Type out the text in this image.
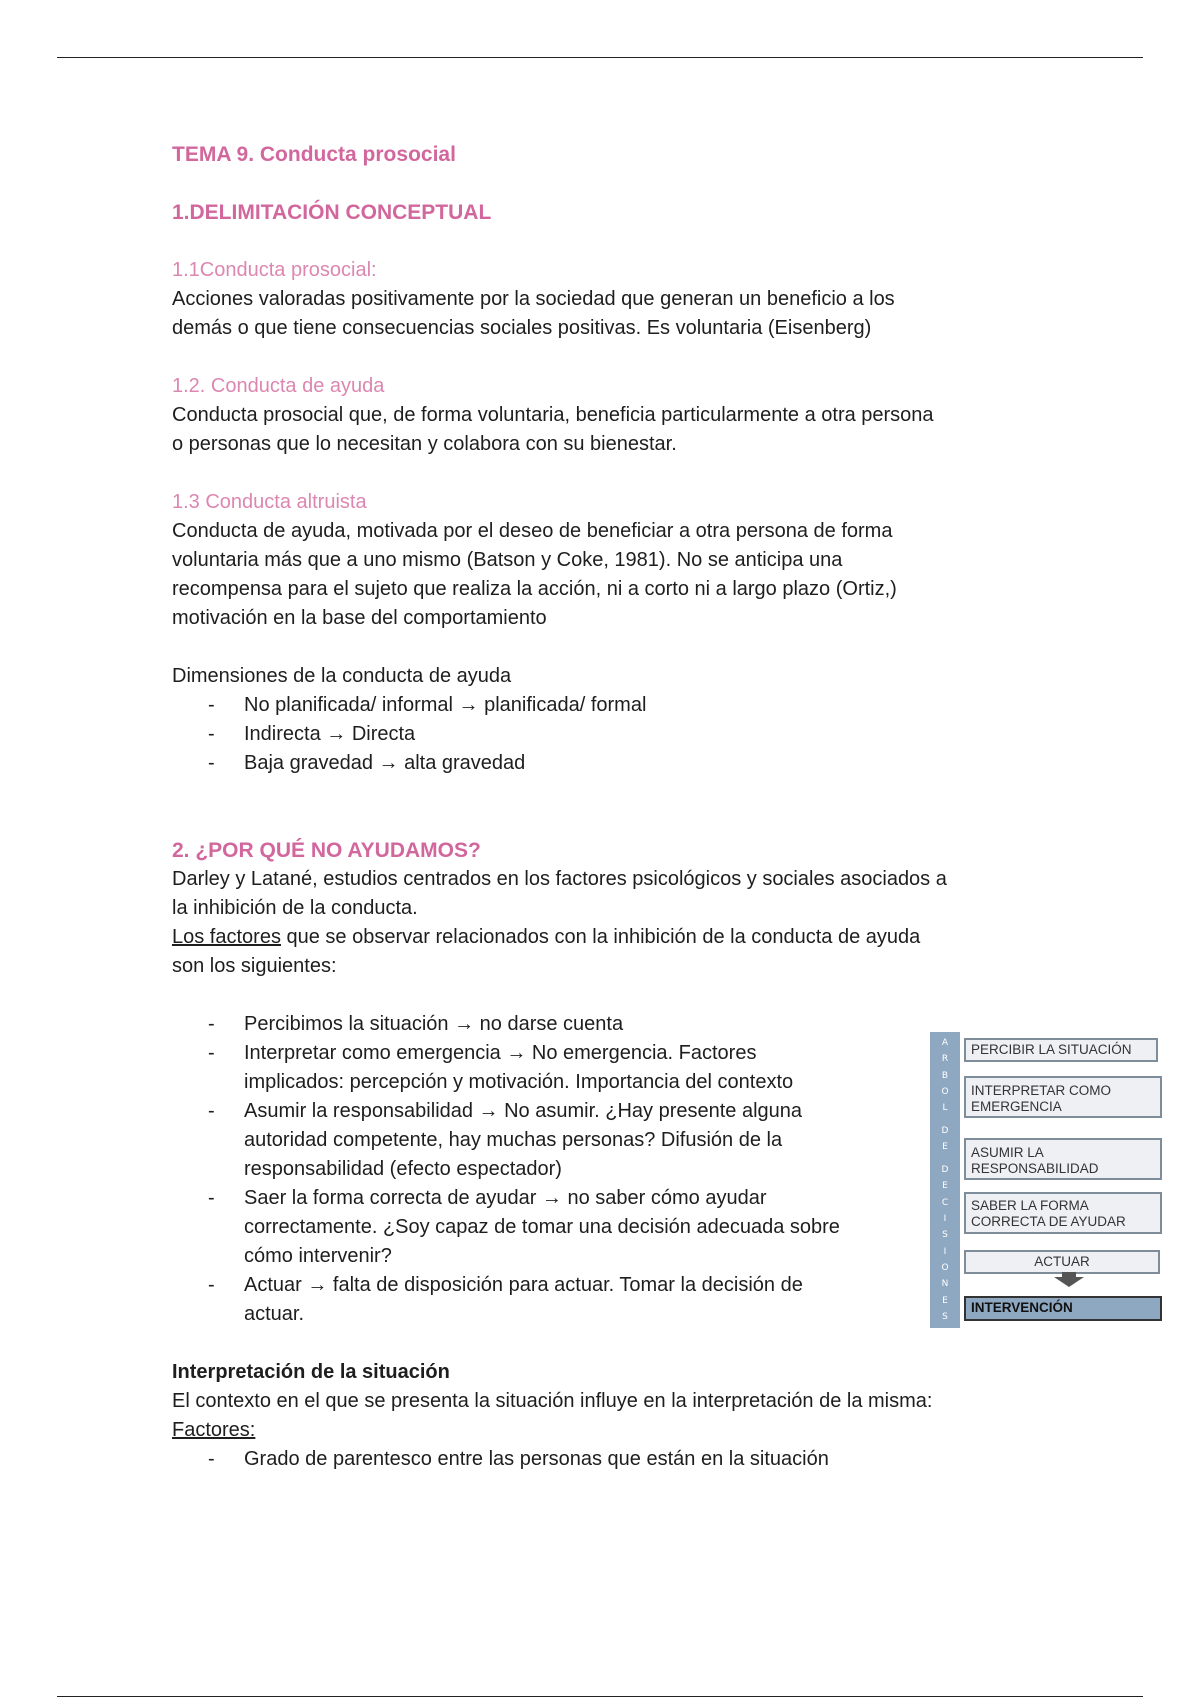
TEMA 9. Conducta prosocial

1.DELIMITACIÓN CONCEPTUAL

1.1Conducta prosocial:

Acciones valoradas positivamente por la sociedad que generan un beneficio a los

demás o que tiene consecuencias sociales positivas. Es voluntaria (Eisenberg)

1.2. Conducta de ayuda

Conducta prosocial que, de forma voluntaria, beneficia particularmente a otra persona

o personas que lo necesitan y colabora con su bienestar.

1.3 Conducta altruista

Conducta de ayuda, motivada por el deseo de beneficiar a otra persona de forma

voluntaria más que a uno mismo (Batson y Coke, 1981). No se anticipa una

recompensa para el sujeto que realiza la acción, ni a corto ni a largo plazo (Ortiz,)

motivación en la base del comportamiento

Dimensiones de la conducta de ayuda

- No planificada/ informal → planificada/ formal
- Indirecta → Directa
- Baja gravedad → alta gravedad

2. ¿POR QUÉ NO AYUDAMOS?

Darley y Latané, estudios centrados en los factores psicológicos y sociales asociados a

la inhibición de la conducta.

Los factores que se observar relacionados con la inhibición de la conducta de ayuda

son los siguientes:

- Percibimos la situación → no darse cuenta
- Interpretar como emergencia → No emergencia. Factores
implicados: percepción y motivación. Importancia del contexto
- Asumir la responsabilidad → No asumir. ¿Hay presente alguna
autoridad competente, hay muchas personas? Difusión de la
responsabilidad (efecto espectador)
- Saer la forma correcta de ayudar → no saber cómo ayudar
correctamente. ¿Soy capaz de tomar una decisión adecuada sobre
cómo intervenir?
- Actuar → falta de disposición para actuar. Tomar la decisión de
actuar.

Interpretación de la situación

El contexto en el que se presenta la situación influye en la interpretación de la misma:

Factores:

- Grado de parentesco entre las personas que están en la situación
A
R
B
O
L
D
E
D
E
C
I
S
I
O
N
E
S
PERCIBIR LA SITUACIÓN
INTERPRETAR COMO EMERGENCIA
ASUMIR LA RESPONSABILIDAD
SABER LA FORMA CORRECTA DE AYUDAR
ACTUAR
INTERVENCIÓN
